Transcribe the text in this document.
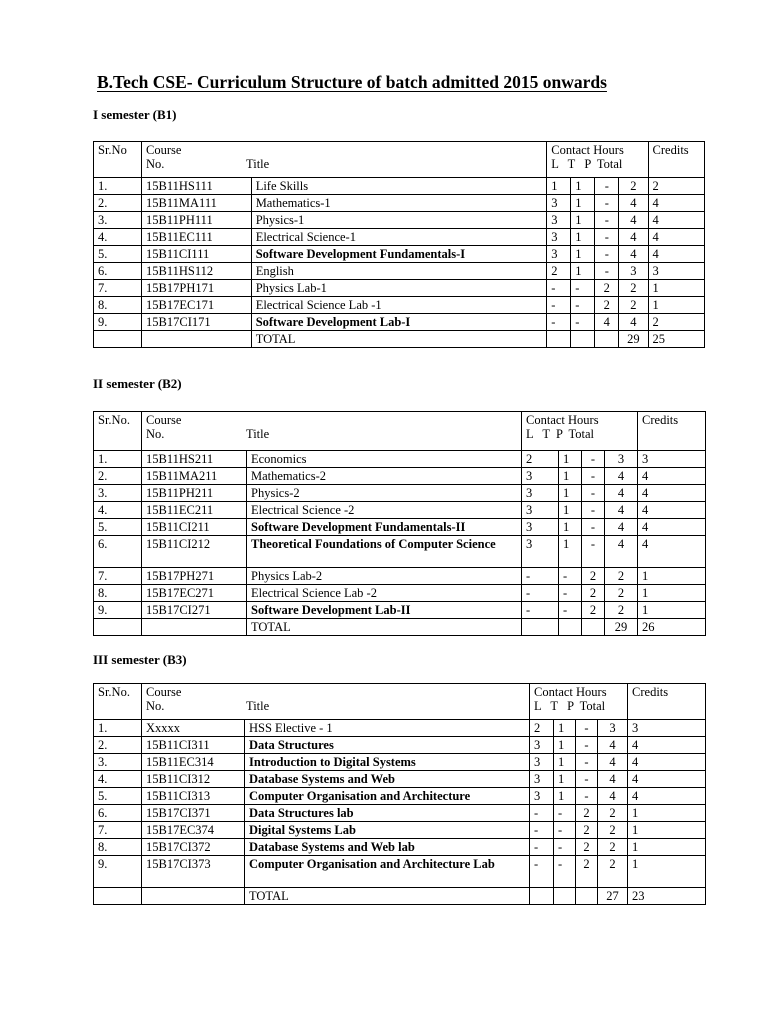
B.Tech CSE- Curriculum Structure of batch admitted 2015 onwards
I semester (B1)
Sr.No	Course
No. Title		Contact Hours
L   T   P  Total				Credits
1.	15B11HS111	Life Skills	1	1	-	2	2
2.	15B11MA111	Mathematics-1	3	1	-	4	4
3.	15B11PH111	Physics-1	3	1	-	4	4
4.	15B11EC111	Electrical Science-1	3	1	-	4	4
5.	15B11CI111	Software Development Fundamentals-I	3	1	-	4	4
6.	15B11HS112	English	2	1	-	3	3
7.	15B17PH171	Physics Lab-1	-	-	2	2	1
8.	15B17EC171	Electrical Science Lab -1	-	-	2	2	1
9.	15B17CI171	Software Development Lab-I	-	-	4	4	2
		TOTAL				29	25
II semester (B2)
Sr.No.	Course
No. Title		Contact Hours
L   T  P  Total				Credits
1.	15B11HS211	Economics	2	1	-	3	3
2.	15B11MA211	Mathematics-2	3	1	-	4	4
3.	15B11PH211	Physics-2	3	1	-	4	4
4.	15B11EC211	Electrical Science -2	3	1	-	4	4
5.	15B11CI211	Software Development Fundamentals-II	3	1	-	4	4
6.	15B11CI212	Theoretical Foundations of Computer Science	3	1	-	4	4
7.	15B17PH271	Physics Lab-2	-	-	2	2	1
8.	15B17EC271	Electrical Science Lab -2	-	-	2	2	1
9.	15B17CI271	Software Development Lab-II	-	-	2	2	1
		TOTAL				29	26
III semester (B3)
Sr.No.	Course
No. Title		Contact Hours
L   T   P  Total				Credits
1.	Xxxxx	HSS Elective - 1	2	1	-	3	3
2.	15B11CI311	Data Structures	3	1	-	4	4
3.	15B11EC314	Introduction to Digital Systems	3	1	-	4	4
4.	15B11CI312	Database Systems and Web	3	1	-	4	4
5.	15B11CI313	Computer Organisation and Architecture	3	1	-	4	4
6.	15B17CI371	Data Structures lab	-	-	2	2	1
7.	15B17EC374	Digital Systems Lab	-	-	2	2	1
8.	15B17CI372	Database Systems and Web lab	-	-	2	2	1
9.	15B17CI373	Computer Organisation and Architecture Lab	-	-	2	2	1
		TOTAL				27	23
